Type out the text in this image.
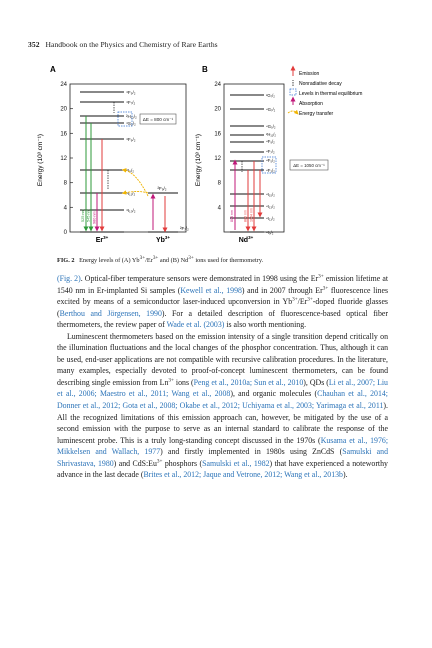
352 Handbook on the Physics and Chemistry of Rare Earths
A
Energy (10³ cm⁻¹)
0
4
8
12
16
20
24
⁴F₅/₂
⁴F₇/₂
²H₁₁/₂
⁴S₃/₂
⁴F₉/₂
⁴I₉/₂
⁴I₁₁/₂
⁴I₁₃/₂
ΔE = 800 cm⁻¹
525 nm 545 nm 980 nm
²F₅/₂
²F₇/₂
$Er^{3+}$	$Yb^{3+}$
B
Energy (10³ cm⁻¹)
4
8
12
16
20
24
²G₇/₂
⁴G₇/₂
⁴G₅/₂
²H₁₁/₂
⁴F₉/₂
⁴F₇/₂
⁴F₅/₂
⁴F₃/₂
⁴I₁₅/₂
⁴I₁₃/₂
⁴I₁₁/₂
⁴I₉/₂
808 nm	880 nm 1064 nm
ΔE = 1050 cm⁻¹
$Nd^{3+}$
Emission
Nonradiative decay
Levels in thermal equilibrium
Absorption
Energy transfer
FIG. 2 Energy levels of (A) $Yb^{3+}/Er^{3+}$ and (B) $Nd^{3+}$ ions used for thermometry.

(Fig. 2). Optical-fiber temperature sensors were demonstrated in 1998 using the $Er^{3+}$ emission lifetime at 1540 nm in Er-implanted Si samples (Kewell et al., 1998) and in 2007 through $Er^{3+}$ fluorescence lines excited by means of a semiconductor laser-induced upconversion in $Yb^{3+}/Er^{3+}$-doped fluoride glasses (Berthou and Jörgensen, 1990). For a detailed description of fluorescence-based optical fiber thermometers, the review paper of Wade et al. (2003) is also worth mentioning.

Luminescent thermometers based on the emission intensity of a single transition depend critically on the illumination fluctuations and the local changes of the phosphor concentration. Thus, although it can be used, end-user applications are not compatible with recursive calibration procedures. In the literature, many examples, especially devoted to proof-of-concept luminescent thermometers, can be found describing single emission from $Ln^{3+}$ ions (Peng et al., 2010a; Sun et al., 2010), QDs (Li et al., 2007; Liu et al., 2006; Maestro et al., 2011; Wang et al., 2008), and organic molecules (Chauhan et al., 2014; Donner et al., 2012; Gota et al., 2008; Okabe et al., 2012; Uchiyama et al., 2003; Yarimaga et al., 2011). All the recognized limitations of this emission approach can, however, be mitigated by the use of a second emission with the purpose to serve as an internal standard to calibrate the response of the luminescent probe. This is a truly long-standing concept discussed in the 1970s (Kusama et al., 1976; Mikkelsen and Wallach, 1977) and firstly implemented in 1980s using ZnCdS (Samulski and Shrivastava, 1980) and $CdS:Eu^{3+}$ phosphors (Samulski et al., 1982) that have experienced a noteworthy advance in the last decade (Brites et al., 2012; Jaque and Vetrone, 2012; Wang et al., 2013b).
